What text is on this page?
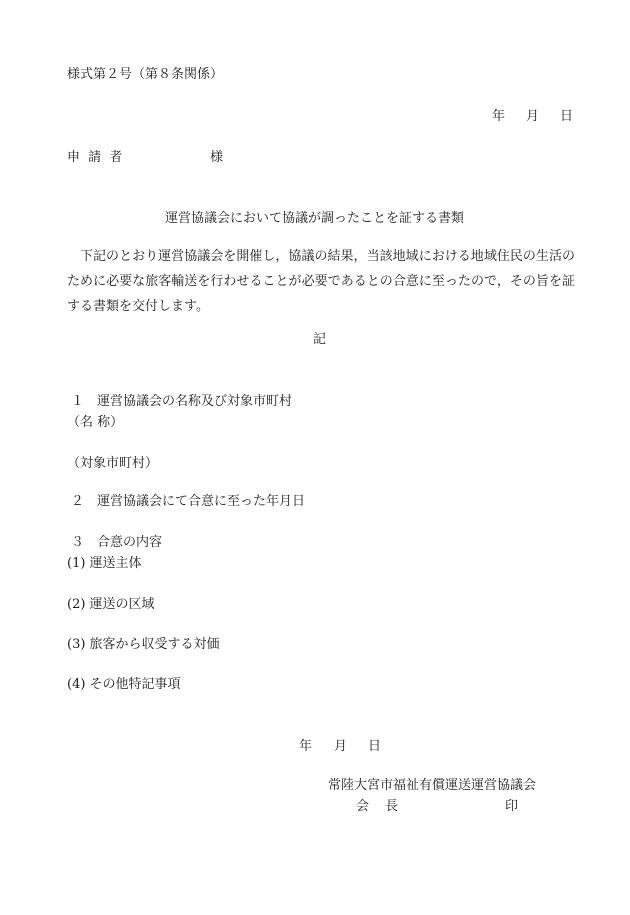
様式第２号（第８条関係）
年 月 日
申 請 者	様
運営協議会において協議が調ったことを証する書類
下記のとおり運営協議会を開催し，協議の結果，当該地域における地域住民の生活のために必要な旅客輸送を行わせることが必要であるとの合意に至ったので，その旨を証する書類を交付します。
記
１　運営協議会の名称及び対象市町村
（名 称）
（対象市町村）
２　運営協議会にて合意に至った年月日
３　合意の内容
(1) 運送主体
(2) 運送の区域
(3) 旅客から収受する対価
(4) その他特記事項
年 月 日
常陸大宮市福祉有償運送運営協議会
会 長	印
